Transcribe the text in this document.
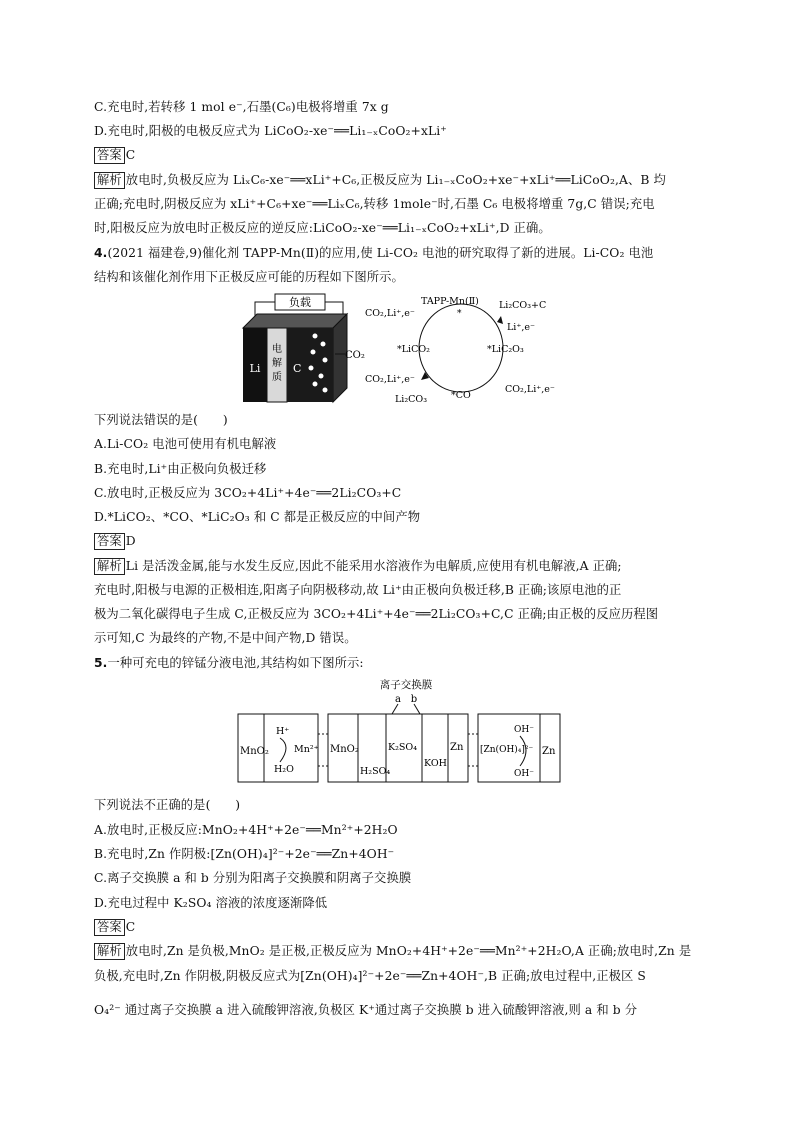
C.充电时,若转移 1 mol e⁻,石墨(C₆)电极将增重 7x g
D.充电时,阳极的电极反应式为 LiCoO₂-xe⁻══Li₁₋ₓCoO₂+xLi⁺
答案 C
解析 放电时,负极反应为 LiₓC₆-xe⁻══xLi⁺+C₆,正极反应为 Li₁₋ₓCoO₂+xe⁻+xLi⁺══LiCoO₂,A、B 均
正确;充电时,阴极反应为 xLi⁺+C₆+xe⁻══LiₓC₆,转移 1mole⁻时,石墨 C₆ 电极将增重 7g,C 错误;充电
时,阳极反应为放电时正极反应的逆反应:LiCoO₂-xe⁻══Li₁₋ₓCoO₂+xLi⁺,D 正确。
4.(2021 福建卷,9)催化剂 TAPP-Mn(Ⅱ)的应用,使 Li-CO₂ 电池的研究取得了新的进展。Li-CO₂ 电池
结构和该催化剂作用下正极反应可能的历程如下图所示。
负载
Li
电
解
质
C
CO₂
TAPP-Mn(Ⅱ)
*
Li₂CO₃+C
Li⁺,e⁻
*LiC₂O₃
CO₂,Li⁺,e⁻
*CO
Li₂CO₃
CO₂,Li⁺,e⁻
*LiCO₂
CO₂,Li⁺,e⁻
下列说法错误的是(　　)
A.Li-CO₂ 电池可使用有机电解液
B.充电时,Li⁺由正极向负极迁移
C.放电时,正极反应为 3CO₂+4Li⁺+4e⁻══2Li₂CO₃+C
D.*LiCO₂、*CO、*LiC₂O₃ 和 C 都是正极反应的中间产物
答案 D
解析 Li 是活泼金属,能与水发生反应,因此不能采用水溶液作为电解质,应使用有机电解液,A 正确;
充电时,阳极与电源的正极相连,阳离子向阴极移动,故 Li⁺由正极向负极迁移,B 正确;该原电池的正
极为二氧化碳得电子生成 C,正极反应为 3CO₂+4Li⁺+4e⁻══2Li₂CO₃+C,C 正确;由正极的反应历程图
示可知,C 为最终的产物,不是中间产物,D 错误。
5.一种可充电的锌锰分液电池,其结构如下图所示:
离子交换膜
a b
MnO₂
H⁺
Mn²⁺
H₂O
MnO₂
H₂SO₄
K₂SO₄
KOH
Zn
OH⁻
[Zn(OH)₄]²⁻
OH⁻
Zn
下列说法不正确的是(　　)
A.放电时,正极反应:MnO₂+4H⁺+2e⁻══Mn²⁺+2H₂O
B.充电时,Zn 作阴极:[Zn(OH)₄]²⁻+2e⁻══Zn+4OH⁻
C.离子交换膜 a 和 b 分别为阳离子交换膜和阴离子交换膜
D.充电过程中 K₂SO₄ 溶液的浓度逐渐降低
答案 C
解析 放电时,Zn 是负极,MnO₂ 是正极,正极反应为 MnO₂+4H⁺+2e⁻══Mn²⁺+2H₂O,A 正确;放电时,Zn 是
负极,充电时,Zn 作阴极,阴极反应式为[Zn(OH)₄]²⁻+2e⁻══Zn+4OH⁻,B 正确;放电过程中,正极区 S
O₄²⁻ 通过离子交换膜 a 进入硫酸钾溶液,负极区 K⁺通过离子交换膜 b 进入硫酸钾溶液,则 a 和 b 分
